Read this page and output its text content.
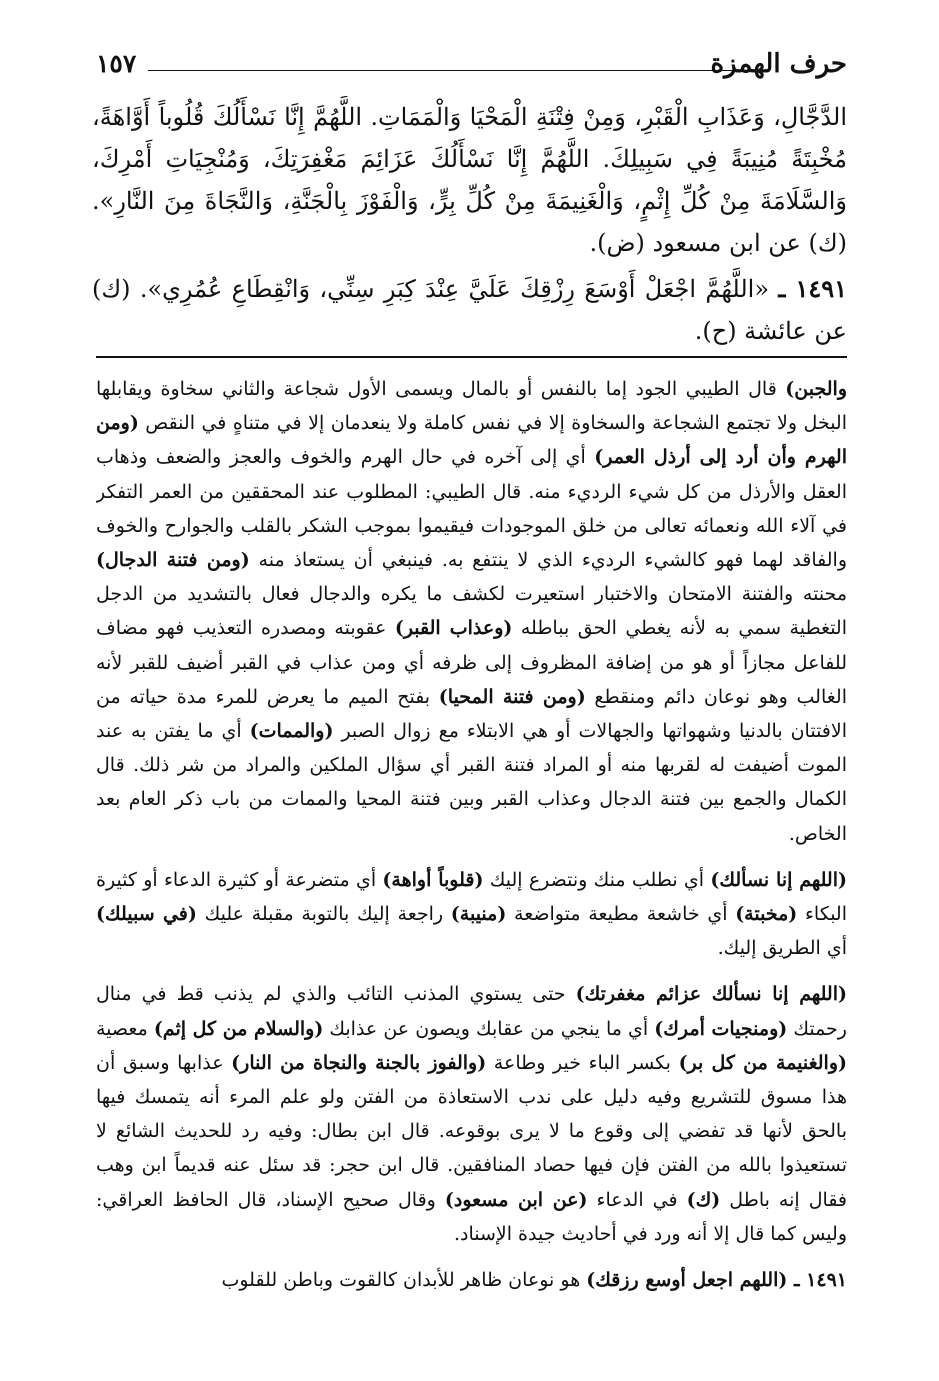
حرف الهمزة
١٥٧

الدَّجَّالِ، وَعَذَابِ الْقَبْرِ، وَمِنْ فِتْنَةِ الْمَحْيَا وَالْمَمَاتِ. اللَّهُمَّ إِنَّا نَسْأَلُكَ قُلُوباً أَوَّاهَةً، مُخْبِتَةً مُنِيبَةً فِي سَبِيلِكَ. اللَّهُمَّ إِنَّا نَسْأَلُكَ عَزَائِمَ مَغْفِرَتِكَ، وَمُنْجِيَاتِ أَمْرِكَ، وَالسَّلَامَةَ مِنْ كُلِّ إِثْمٍ، وَالْغَنِيمَةَ مِنْ كُلِّ بِرٍّ، وَالْفَوْزَ بِالْجَنَّةِ، وَالنَّجَاةَ مِنَ النَّارِ». (ك) عن ابن مسعود (ض).

١٤٩١ ـ «اللَّهُمَّ اجْعَلْ أَوْسَعَ رِزْقِكَ عَلَيَّ عِنْدَ كِبَرِ سِنِّي، وَانْقِطَاعِ عُمُرِي». (ك) عن عائشة (ح).

والجبن) قال الطيبي الجود إما بالنفس أو بالمال ويسمى الأول شجاعة والثاني سخاوة ويقابلها البخل ولا تجتمع الشجاعة والسخاوة إلا في نفس كاملة ولا ينعدمان إلا في متناهٍ في النقص (ومن الهرم وأن أرد إلى أرذل العمر) أي إلى آخره في حال الهرم والخوف والعجز والضعف وذهاب العقل والأرذل من كل شيء الرديء منه. قال الطيبي: المطلوب عند المحققين من العمر التفكر في آلاء الله ونعمائه تعالى من خلق الموجودات فيقيموا بموجب الشكر بالقلب والجوارح والخوف والفاقد لهما فهو كالشيء الرديء الذي لا ينتفع به. فينبغي أن يستعاذ منه (ومن فتنة الدجال) محنته والفتنة الامتحان والاختبار استعيرت لكشف ما يكره والدجال فعال بالتشديد من الدجل التغطية سمي به لأنه يغطي الحق بباطله (وعذاب القبر) عقوبته ومصدره التعذيب فهو مضاف للفاعل مجازاً أو هو من إضافة المظروف إلى ظرفه أي ومن عذاب في القبر أضيف للقبر لأنه الغالب وهو نوعان دائم ومنقطع (ومن فتنة المحيا) بفتح الميم ما يعرض للمرء مدة حياته من الافتتان بالدنيا وشهواتها والجهالات أو هي الابتلاء مع زوال الصبر (والممات) أي ما يفتن به عند الموت أضيفت له لقربها منه أو المراد فتنة القبر أي سؤال الملكين والمراد من شر ذلك. قال الكمال والجمع بين فتنة الدجال وعذاب القبر وبين فتنة المحيا والممات من باب ذكر العام بعد الخاص.

(اللهم إنا نسألك) أي نطلب منك ونتضرع إليك (قلوباً أواهة) أي متضرعة أو كثيرة الدعاء أو كثيرة البكاء (مخبتة) أي خاشعة مطيعة متواضعة (منيبة) راجعة إليك بالتوبة مقبلة عليك (في سبيلك) أي الطريق إليك.

(اللهم إنا نسألك عزائم مغفرتك) حتى يستوي المذنب التائب والذي لم يذنب قط في منال رحمتك (ومنجيات أمرك) أي ما ينجي من عقابك ويصون عن عذابك (والسلام من كل إثم) معصية (والغنيمة من كل بر) بكسر الباء خير وطاعة (والفوز بالجنة والنجاة من النار) عذابها وسبق أن هذا مسوق للتشريع وفيه دليل على ندب الاستعاذة من الفتن ولو علم المرء أنه يتمسك فيها بالحق لأنها قد تفضي إلى وقوع ما لا يرى بوقوعه. قال ابن بطال: وفيه رد للحديث الشائع لا تستعيذوا بالله من الفتن فإن فيها حصاد المنافقين. قال ابن حجر: قد سئل عنه قديماً ابن وهب فقال إنه باطل (ك) في الدعاء (عن ابن مسعود) وقال صحيح الإسناد، قال الحافظ العراقي: وليس كما قال إلا أنه ورد في أحاديث جيدة الإسناد.

١٤٩١ ـ (اللهم اجعل أوسع رزقك) هو نوعان ظاهر للأبدان كالقوت وباطن للقلوب
